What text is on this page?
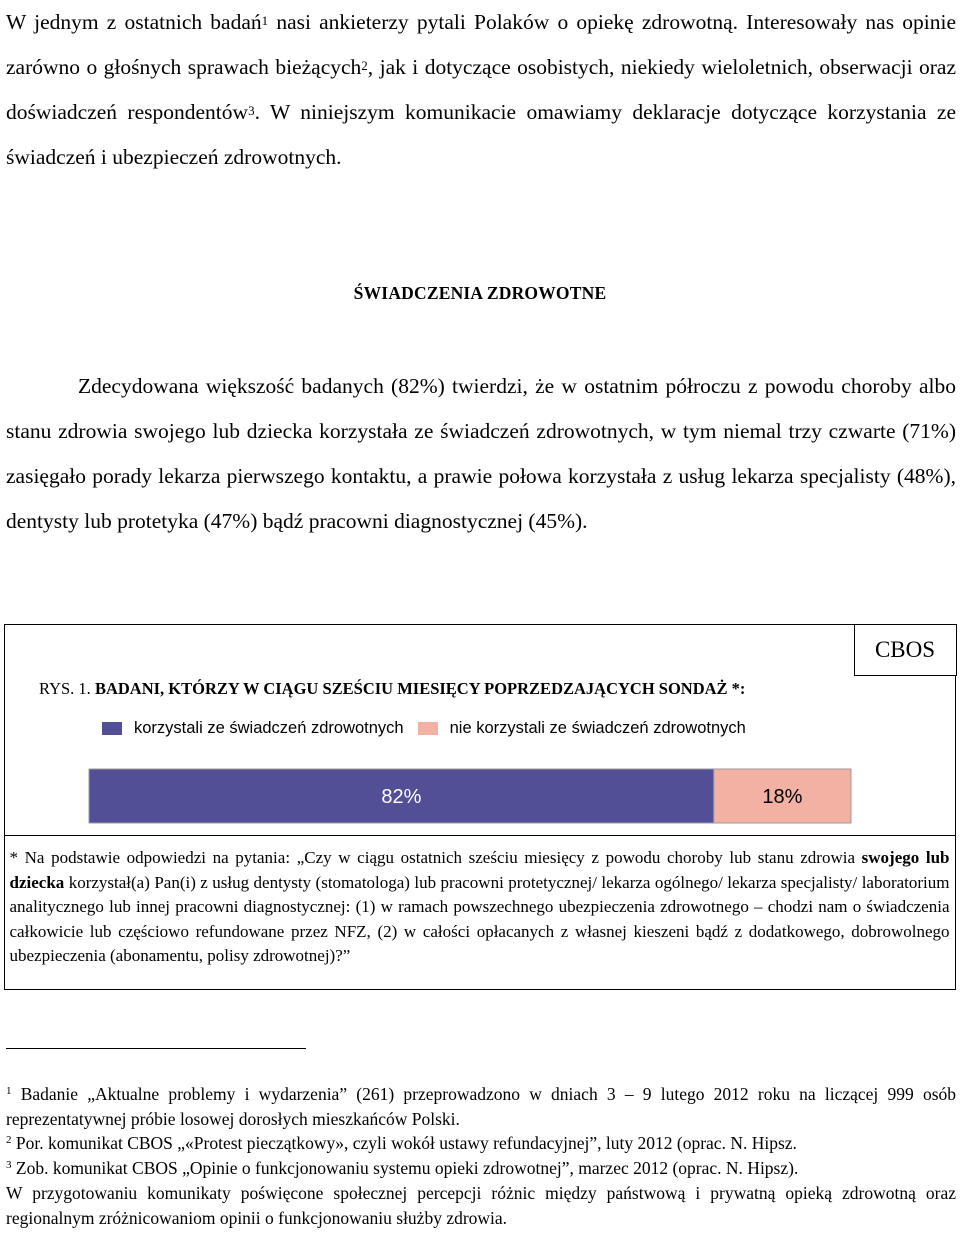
W jednym z ostatnich badań$^1$ nasi ankieterzy pytali Polaków o opiekę zdrowotną. Interesowały nas opinie zarówno o głośnych sprawach bieżących$^2$, jak i dotyczące osobistych, niekiedy wieloletnich, obserwacji oraz doświadczeń respondentów$^3$. W niniejszym komunikacie omawiamy deklaracje dotyczące korzystania ze świadczeń i ubezpieczeń zdrowotnych.
ŚWIADCZENIA ZDROWOTNE
Zdecydowana większość badanych (82%) twierdzi, że w ostatnim półroczu z powodu choroby albo stanu zdrowia swojego lub dziecka korzystała ze świadczeń zdrowotnych, w tym niemal trzy czwarte (71%) zasięgało porady lekarza pierwszego kontaktu, a prawie połowa korzystała z usług lekarza specjalisty (48%), dentysty lub protetyka (47%) bądź pracowni diagnostycznej (45%).
CBOS
RYS. 1. BADANI, KTÓRZY W CIĄGU SZEŚCIU MIESIĘCY POPRZEDZAJĄCYCH SONDAŻ *:
korzystali ze świadczeń zdrowotnych	nie korzystali ze świadczeń zdrowotnych
82%	18%
* Na podstawie odpowiedzi na pytania: „Czy w ciągu ostatnich sześciu miesięcy z powodu choroby lub stanu zdrowia swojego lub dziecka korzystał(a) Pan(i) z usług dentysty (stomatologa) lub pracowni protetycznej/ lekarza ogólnego/ lekarza specjalisty/ laboratorium analitycznego lub innej pracowni diagnostycznej: (1) w ramach powszechnego ubezpieczenia zdrowotnego – chodzi nam o świadczenia całkowicie lub częściowo refundowane przez NFZ, (2) w całości opłacanych z własnej kieszeni bądź z dodatkowego, dobrowolnego ubezpieczenia (abonamentu, polisy zdrowotnej)?”

$^1$ Badanie „Aktualne problemy i wydarzenia” (261) przeprowadzono w dniach 3 – 9 lutego 2012 roku na liczącej 999 osób reprezentatywnej próbie losowej dorosłych mieszkańców Polski.

$^2$ Por. komunikat CBOS „«Protest pieczątkowy», czyli wokół ustawy refundacyjnej”, luty 2012 (oprac. N. Hipsz.

$^3$ Zob. komunikat CBOS „Opinie o funkcjonowaniu systemu opieki zdrowotnej”, marzec 2012 (oprac. N. Hipsz).

W przygotowaniu komunikaty poświęcone społecznej percepcji różnic między państwową i prywatną opieką zdrowotną oraz regionalnym zróżnicowaniom opinii o funkcjonowaniu służby zdrowia.
